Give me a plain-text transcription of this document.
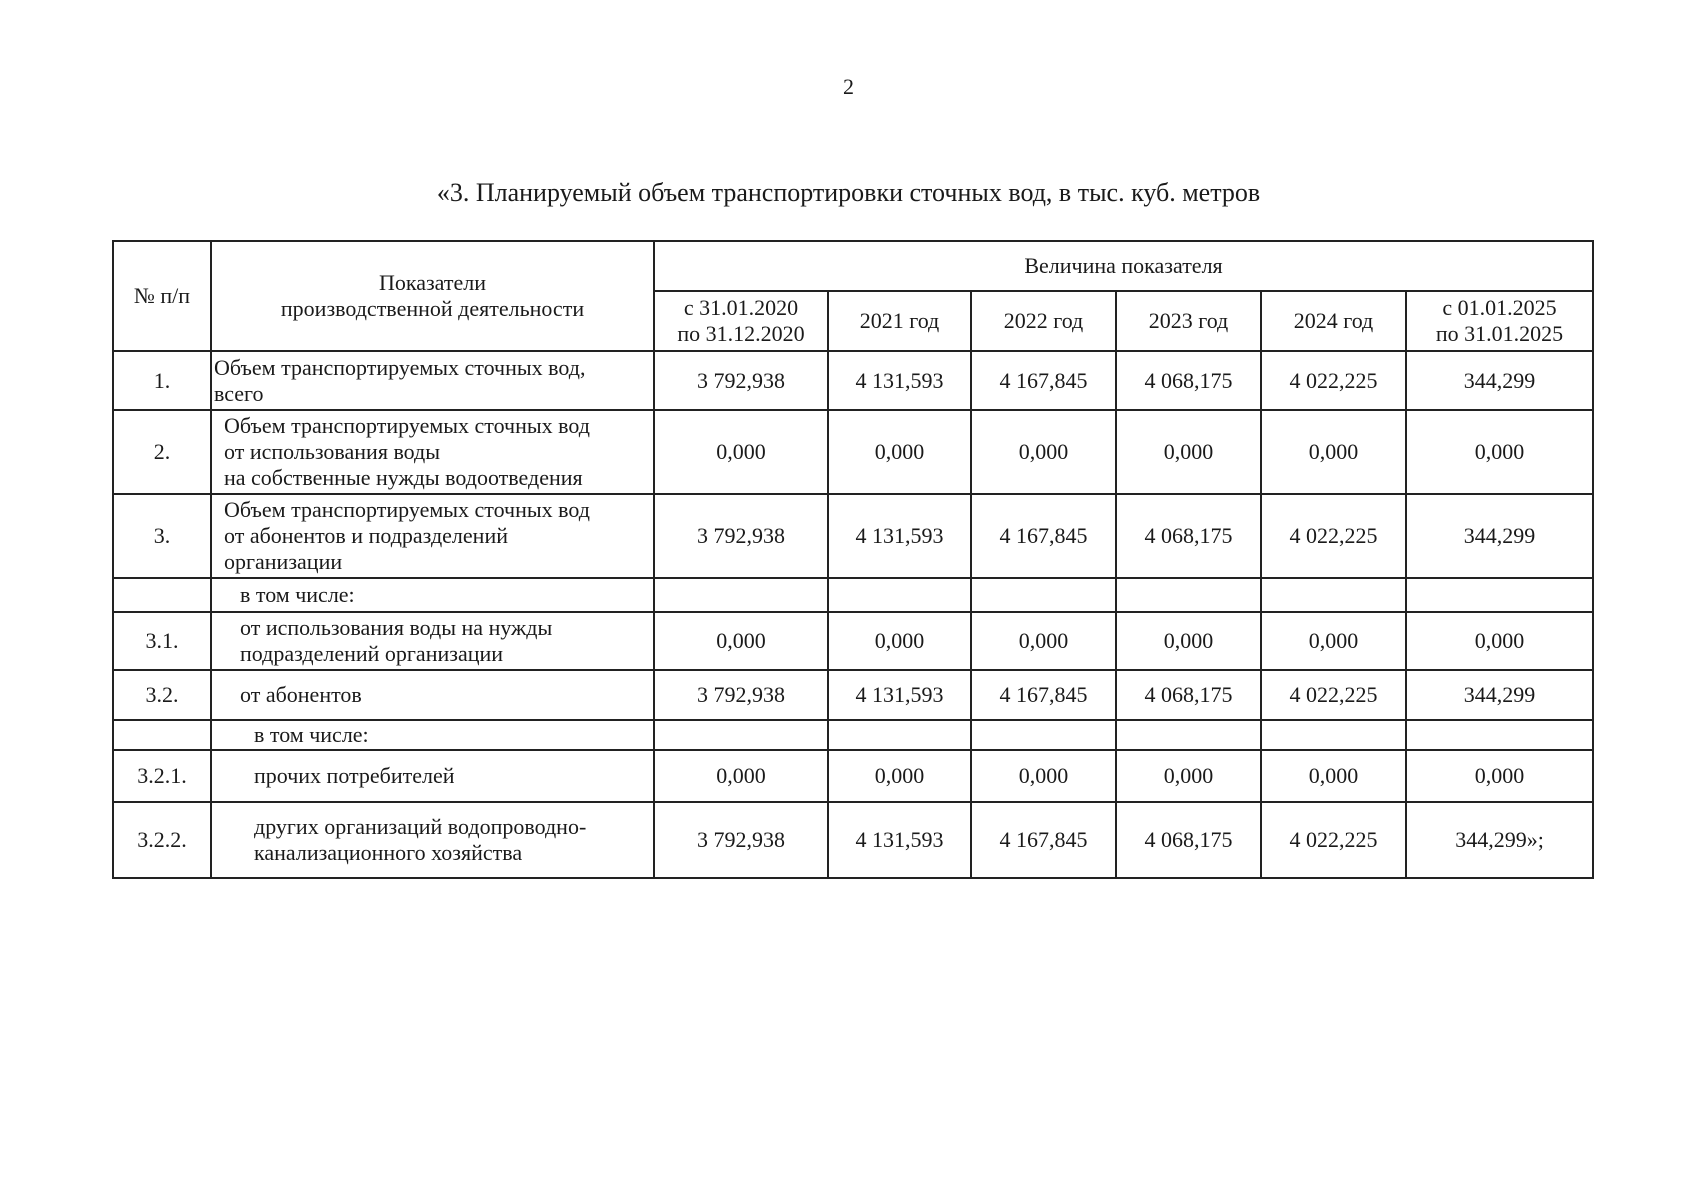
2
«3. Планируемый объем транспортировки сточных вод, в тыс. куб. метров
№ п/п	Показатели
производственной деятельности	Величина показателя					

		с 31.01.2020
по 31.12.2020	2021 год	2022 год	2023 год	2024 год	с 01.01.2025
по 31.01.2025

1.	Объем транспортируемых сточных вод,
всего	3 792,938	4 131,593	4 167,845	4 068,175	4 022,225	344,299
2.	Объем транспортируемых сточных вод
от использования воды
на собственные нужды водоотведения	0,000	0,000	0,000	0,000	0,000	0,000
3.	Объем транспортируемых сточных вод
от абонентов и подразделений
организации	3 792,938	4 131,593	4 167,845	4 068,175	4 022,225	344,299

	в том числе:						

3.1.	от использования воды на нужды
подразделений организации	0,000	0,000	0,000	0,000	0,000	0,000
3.2.	от абонентов	3 792,938	4 131,593	4 167,845	4 068,175	4 022,225	344,299

	в том числе:						

3.2.1.	прочих потребителей	0,000	0,000	0,000	0,000	0,000	0,000
3.2.2.	других организаций водопроводно-
канализационного хозяйства	3 792,938	4 131,593	4 167,845	4 068,175	4 022,225	344,299»;
